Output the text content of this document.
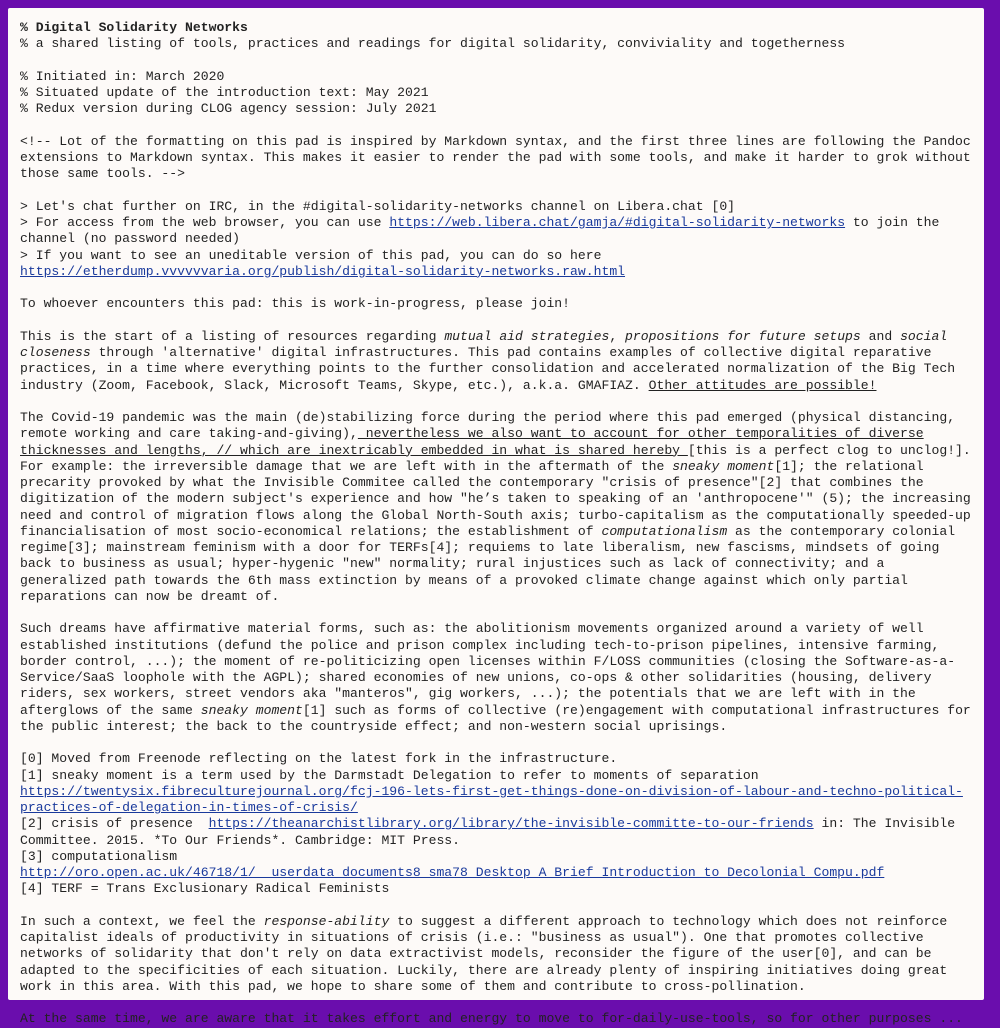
% Digital Solidarity Networks
% a shared listing of tools, practices and readings for digital solidarity, conviviality and togetherness
% Initiated in: March 2020
% Situated update of the introduction text: May 2021
% Redux version during CLOG agency session: July 2021
<!-- Lot of the formatting on this pad is inspired by Markdown syntax, and the first three lines are following the Pandoc extensions to Markdown syntax. This makes it easier to render the pad with some tools, and make it harder to grok without those same tools. -->
> Let's chat further on IRC, in the #digital-solidarity-networks channel on Libera.chat [0]
> For access from the web browser, you can use https://web.libera.chat/gamja/#digital-solidarity-networks to join the channel (no password needed)
> If you want to see an uneditable version of this pad, you can do so here https://etherdump.vvvvvvaria.org/publish/digital-solidarity-networks.raw.html
To whoever encounters this pad: this is work-in-progress, please join!
This is the start of a listing of resources regarding mutual aid strategies, propositions for future setups and social closeness through 'alternative' digital infrastructures. This pad contains examples of collective digital reparative practices, in a time where everything points to the further consolidation and accelerated normalization of the Big Tech industry (Zoom, Facebook, Slack, Microsoft Teams, Skype, etc.), a.k.a. GMAFIAZ. Other attitudes are possible!
The Covid-19 pandemic was the main (de)stabilizing force during the period where this pad emerged (physical distancing, remote working and care taking-and-giving), nevertheless we also want to account for other temporalities of diverse thicknesses and lengths, // which are inextricably embedded in what is shared hereby [this is a perfect clog to unclog!]. For example: the irreversible damage that we are left with in the aftermath of the sneaky moment[1]; the relational precarity provoked by what the Invisible Commitee called the contemporary "crisis of presence"[2] that combines the digitization of the modern subject's experience and how "he’s taken to speaking of an 'anthropocene'" (5); the increasing need and control of migration flows along the Global North-South axis; turbo-capitalism as the computationally speeded-up financialisation of most socio-economical relations; the establishment of computationalism as the contemporary colonial regime[3]; mainstream feminism with a door for TERFs[4]; requiems to late liberalism, new fascisms, mindsets of going back to business as usual; hyper-hygenic "new" normality; rural injustices such as lack of connectivity; and a generalized path towards the 6th mass extinction by means of a provoked climate change against which only partial reparations can now be dreamt of.
Such dreams have affirmative material forms, such as: the abolitionism movements organized around a variety of well established institutions (defund the police and prison complex including tech-to-prison pipelines, intensive farming, border control, ...); the moment of re-politicizing open licenses within F/LOSS communities (closing the Software-as-a-Service/SaaS loophole with the AGPL); shared economies of new unions, co-ops & other solidarities (housing, delivery riders, sex workers, street vendors aka "manteros", gig workers, ...); the potentials that we are left with in the afterglows of the same sneaky moment[1] such as forms of collective (re)engagement with computational infrastructures for the public interest; the back to the countryside effect; and non-western social uprisings.
[0] Moved from Freenode reflecting on the latest fork in the infrastructure.
[1] sneaky moment is a term used by the Darmstadt Delegation to refer to moments of separation
https://twentysix.fibreculturejournal.org/fcj-196-lets-first-get-things-done-on-division-of-labour-and-techno-political-practices-of-delegation-in-times-of-crisis/
[2] crisis of presence  https://theanarchistlibrary.org/library/the-invisible-committe-to-our-friends in: The Invisible Committee. 2015. *To Our Friends*. Cambridge: MIT Press.
[3] computationalism
http://oro.open.ac.uk/46718/1/__userdata_documents8_sma78_Desktop_A_Brief_Introduction_to_Decolonial_Compu.pdf
[4] TERF = Trans Exclusionary Radical Feminists
In such a context, we feel the response-ability to suggest a different approach to technology which does not reinforce capitalist ideals of productivity in situations of crisis (i.e.: "business as usual"). One that promotes collective networks of solidarity that don't rely on data extractivist models, reconsider the figure of the user[0], and can be adapted to the specificities of each situation. Luckily, there are already plenty of inspiring initiatives doing great work in this area. With this pad, we hope to share some of them and contribute to cross-pollination.
At the same time, we are aware that it takes effort and energy to move to for-daily-use-tools, so for other purposes ...
